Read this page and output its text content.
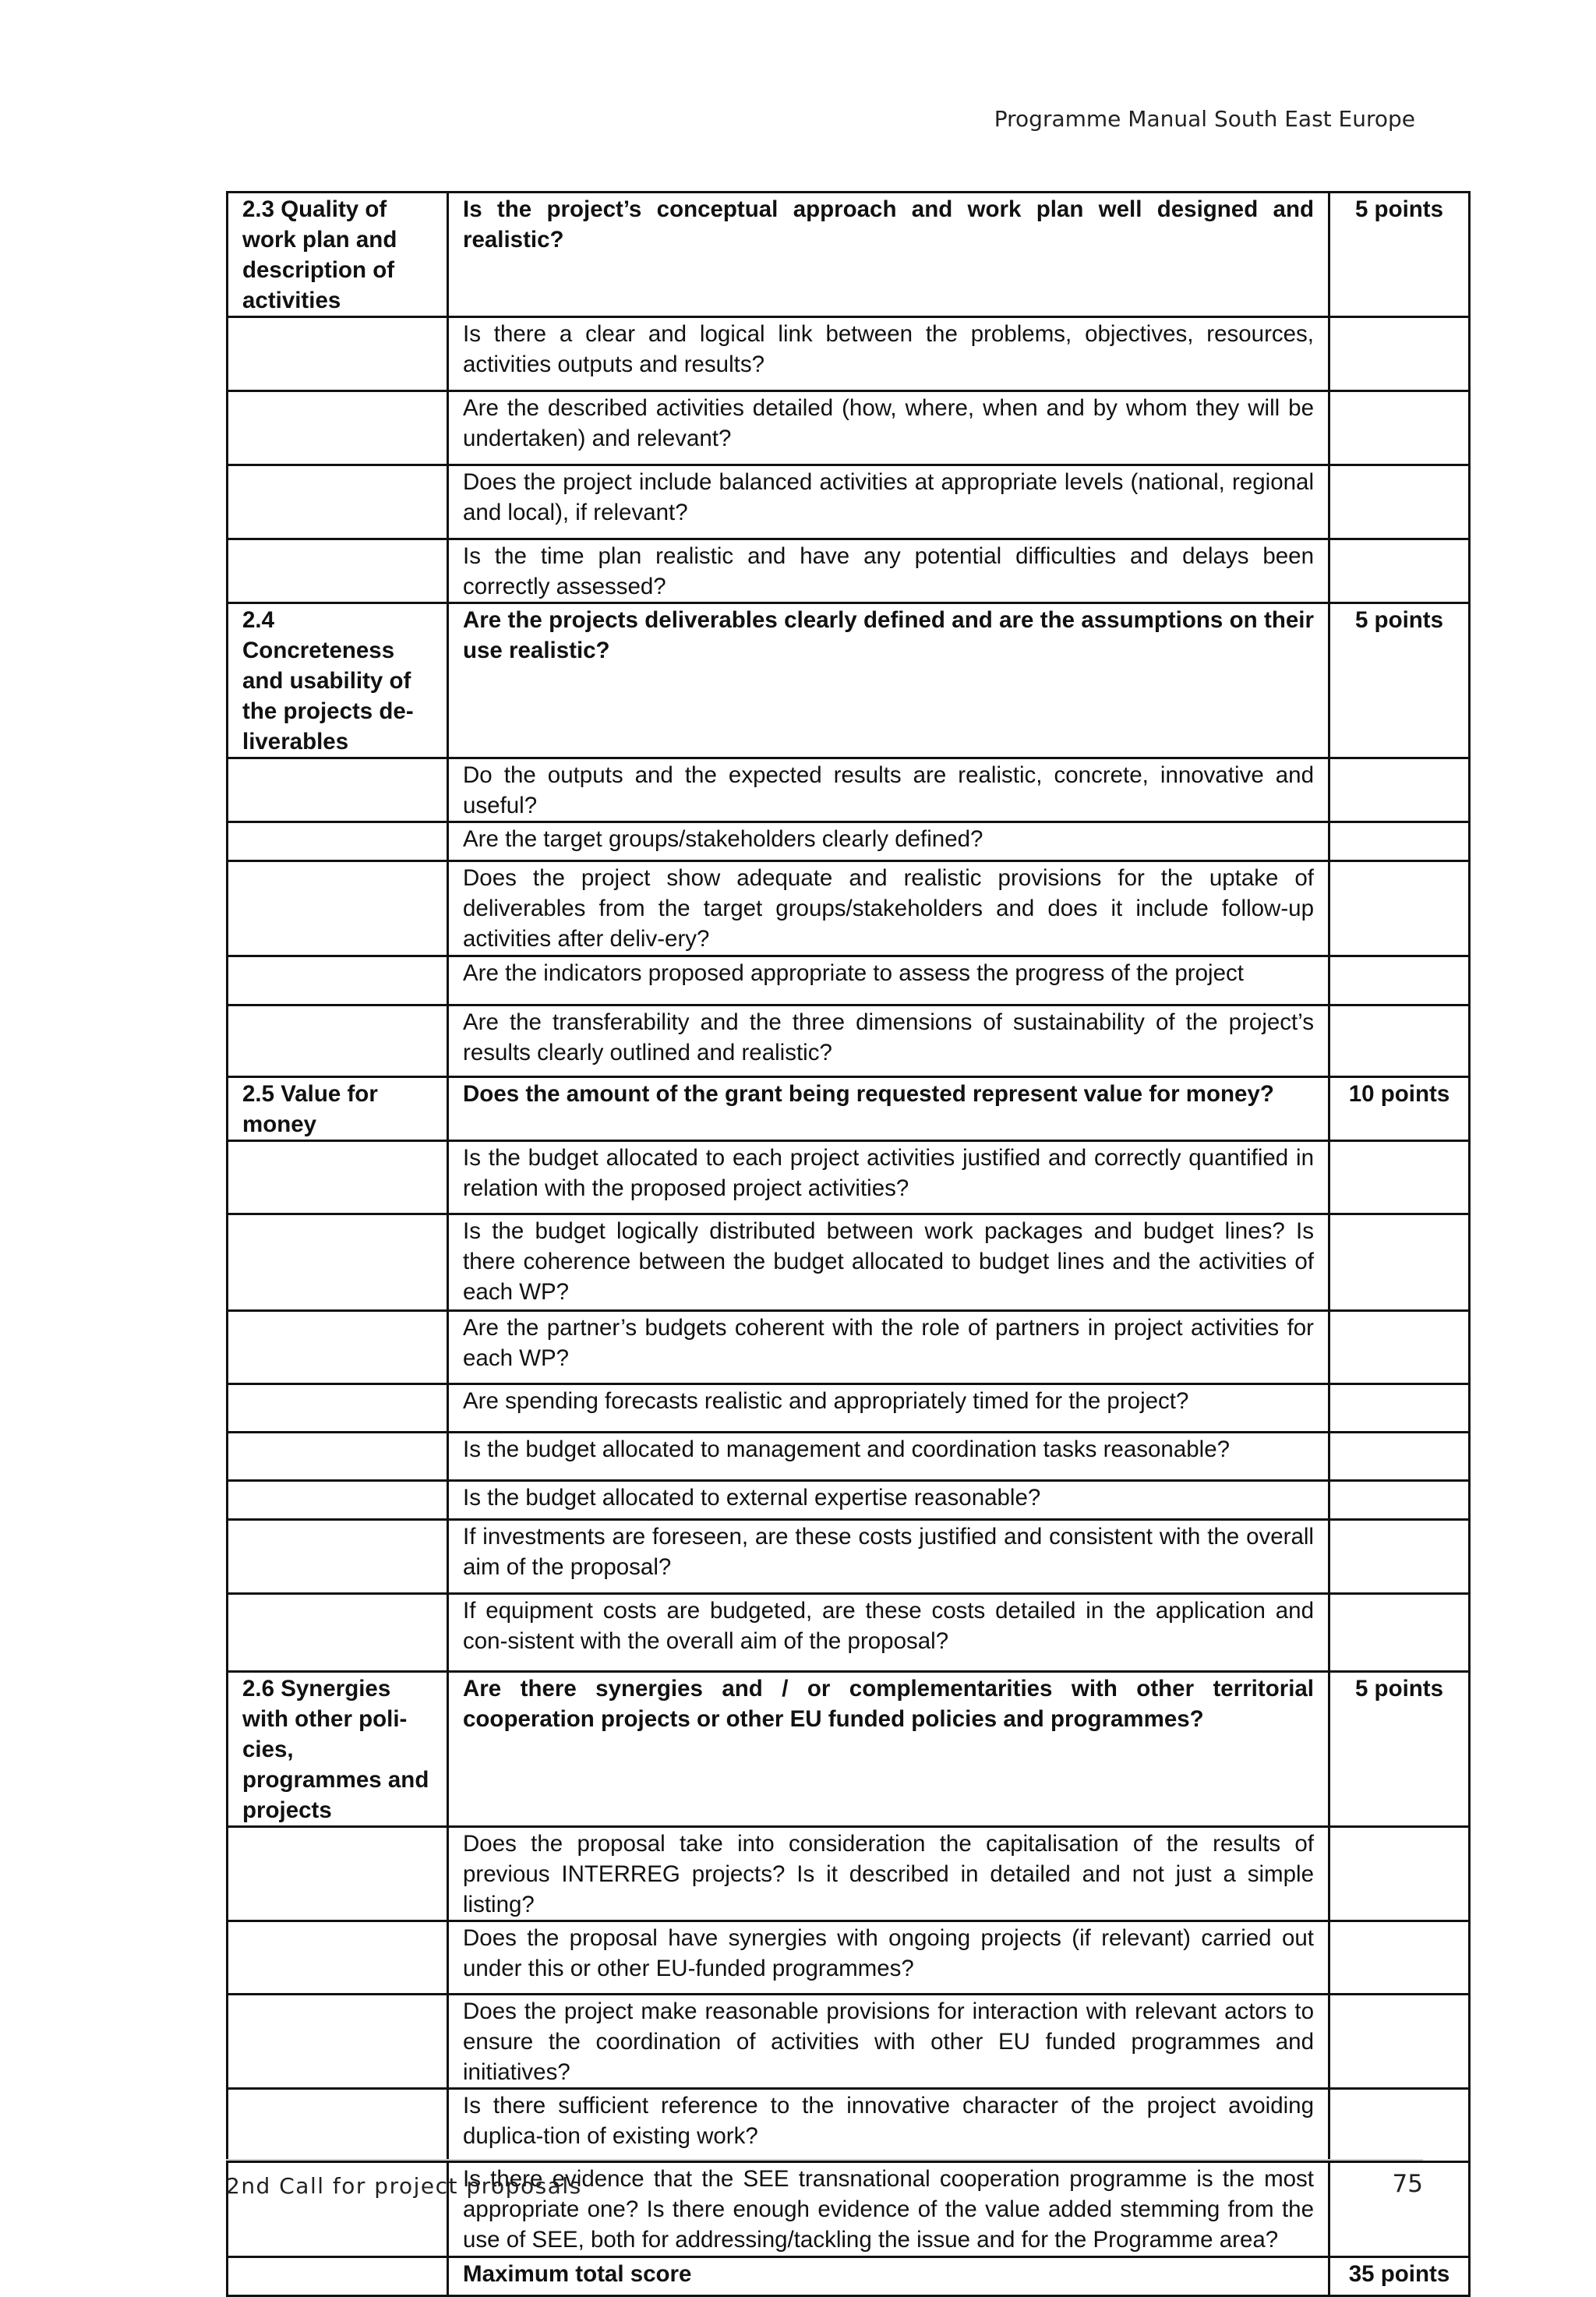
Programme Manual South East Europe
2.3 Quality of work plan and description of activities	Is the project’s conceptual approach and work plan well designed and realistic?	5 points
	Is there a clear and logical link between the problems, objectives, resources, activities outputs and results?	
	Are the described activities detailed (how, where, when and by whom they will be undertaken) and relevant?	
	Does the project include balanced activities at appropriate levels (national, regional and local), if relevant?	
	Is the time plan realistic and have any potential difficulties and delays been correctly assessed?	
2.4 Concreteness and usability of the projects de-liverables	Are the projects deliverables clearly defined and are the assumptions on their use realistic?	5 points
	Do the outputs and the expected results are realistic, concrete, innovative and useful?	
	Are the target groups/stakeholders clearly defined?	
	Does the project show adequate and realistic provisions for the uptake of deliverables from the target groups/stakeholders and does it include follow-up activities after deliv-ery?	
	Are the indicators proposed appropriate to assess the progress of the project	
	Are the transferability and the three dimensions of sustainability of the project’s results clearly outlined and realistic?	
2.5 Value for money	Does the amount of the grant being requested represent value for money?	10 points
	Is the budget allocated to each project activities justified and correctly quantified in relation with the proposed project activities?	
	Is the budget logically distributed between work packages and budget lines? Is there coherence between the budget allocated to budget lines and the activities of each WP?	
	Are the partner’s budgets coherent with the role of partners in project activities for each WP?	
	Are spending forecasts realistic and appropriately timed for the project?	
	Is the budget allocated to management and coordination tasks reasonable?	
	Is the budget allocated to external expertise reasonable?	
	If investments are foreseen, are these costs justified and consistent with the overall aim of the proposal?	
	If equipment costs are budgeted, are these costs detailed in the application and con-sistent with the overall aim of the proposal?	
2.6 Synergies with other poli-cies, programmes and projects	Are there synergies and / or complementarities with other territorial cooperation projects or other EU funded policies and programmes?	5 points
	Does the proposal take into consideration the capitalisation of the results of previous INTERREG projects? Is it described in detailed and not just a simple listing?	
	Does the proposal have synergies with ongoing projects (if relevant) carried out under this or other EU-funded programmes?	
	Does the project make reasonable provisions for interaction with relevant actors to ensure the coordination of activities with other EU funded programmes and initiatives?	
	Is there sufficient reference to the innovative character of the project avoiding duplica-tion of existing work?	
	Is there evidence that the SEE transnational cooperation programme is the most appropriate one? Is there enough evidence of the value added stemming from the use of SEE, both for addressing/tackling the issue and for the Programme area?	
	Maximum total score	35 points
2nd Call for project proposals	75
